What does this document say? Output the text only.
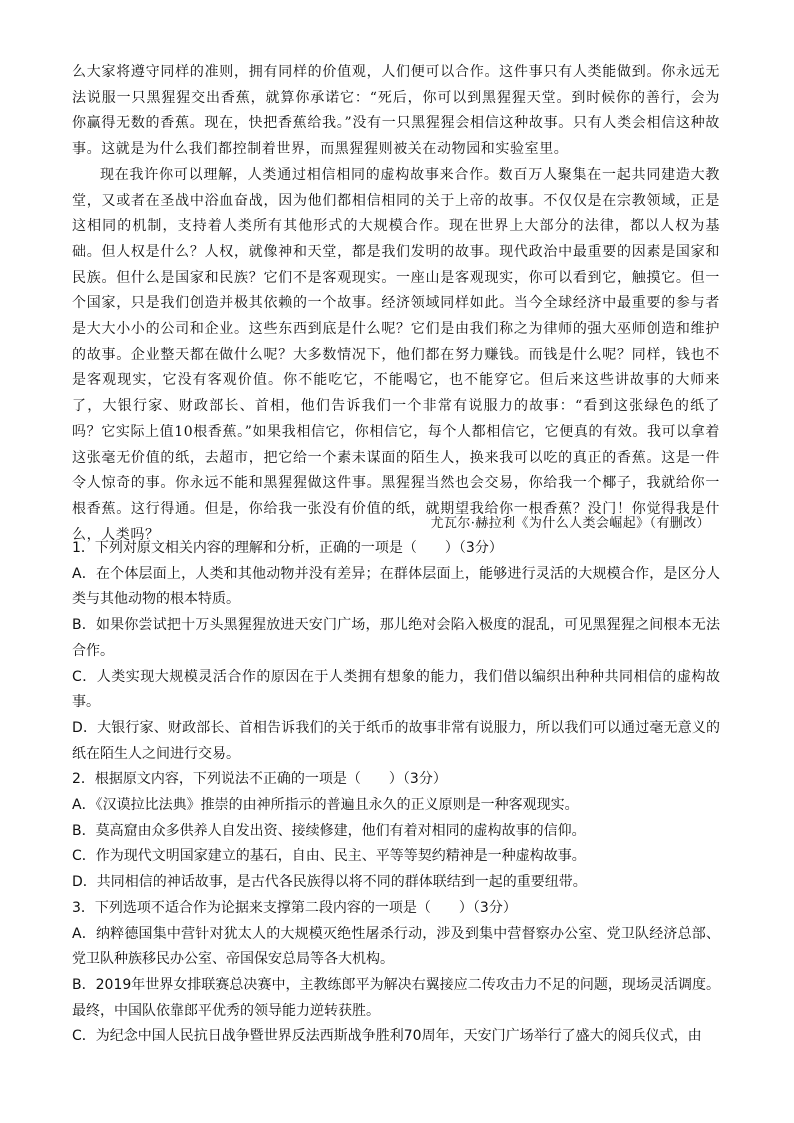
么大家将遵守同样的准则，拥有同样的价值观，人们便可以合作。这件事只有人类能做到。你永远无法说服一只黑猩猩交出香蕉，就算你承诺它：“死后，你可以到黑猩猩天堂。到时候你的善行，会为你赢得无数的香蕉。现在，快把香蕉给我。”没有一只黑猩猩会相信这种故事。只有人类会相信这种故事。这就是为什么我们都控制着世界，而黑猩猩则被关在动物园和实验室里。

现在我许你可以理解，人类通过相信相同的虚构故事来合作。数百万人聚集在一起共同建造大教堂，又或者在圣战中浴血奋战，因为他们都相信相同的关于上帝的故事。不仅仅是在宗教领域，正是这相同的机制，支持着人类所有其他形式的大规模合作。现在世界上大部分的法律，都以人权为基础。但人权是什么？人权，就像神和天堂，都是我们发明的故事。现代政治中最重要的因素是国家和民族。但什么是国家和民族？它们不是客观现实。一座山是客观现实，你可以看到它，触摸它。但一个国家，只是我们创造并极其依赖的一个故事。经济领域同样如此。当今全球经济中最重要的参与者是大大小小的公司和企业。这些东西到底是什么呢？它们是由我们称之为律师的强大巫师创造和维护的故事。企业整天都在做什么呢？大多数情况下，他们都在努力赚钱。而钱是什么呢？同样，钱也不是客观现实，它没有客观价值。你不能吃它，不能喝它，也不能穿它。但后来这些讲故事的大师来了，大银行家、财政部长、首相，他们告诉我们一个非常有说服力的故事：“看到这张绿色的纸了吗？它实际上值10根香蕉。”如果我相信它，你相信它，每个人都相信它，它便真的有效。我可以拿着这张毫无价值的纸，去超市，把它给一个素未谋面的陌生人，换来我可以吃的真正的香蕉。这是一件令人惊奇的事。你永远不能和黑猩猩做这件事。黑猩猩当然也会交易，你给我一个椰子，我就给你一根香蕉。这行得通。但是，你给我一张没有价值的纸，就期望我给你一根香蕉？没门！你觉得我是什么，人类吗？

尤瓦尔·赫拉利《为什么人类会崛起》（有删改）

1．下列对原文相关内容的理解和分析，正确的一项是（　　）（3分）

A．在个体层面上，人类和其他动物并没有差异；在群体层面上，能够进行灵活的大规模合作，是区分人类与其他动物的根本特质。

B．如果你尝试把十万头黑猩猩放进天安门广场，那儿绝对会陷入极度的混乱，可见黑猩猩之间根本无法合作。

C．人类实现大规模灵活合作的原因在于人类拥有想象的能力，我们借以编织出种种共同相信的虚构故事。

D．大银行家、财政部长、首相告诉我们的关于纸币的故事非常有说服力，所以我们可以通过毫无意义的纸在陌生人之间进行交易。

2．根据原文内容，下列说法不正确的一项是（　　）（3分）

A．《汉谟拉比法典》推崇的由神所指示的普遍且永久的正义原则是一种客观现实。

B．莫高窟由众多供养人自发出资、接续修建，他们有着对相同的虚构故事的信仰。

C．作为现代文明国家建立的基石，自由、民主、平等等契约精神是一种虚构故事。

D．共同相信的神话故事，是古代各民族得以将不同的群体联结到一起的重要纽带。

3．下列选项不适合作为论据来支撑第二段内容的一项是（　　）（3分）

A．纳粹德国集中营针对犹太人的大规模灭绝性屠杀行动，涉及到集中营督察办公室、党卫队经济总部、党卫队种族移民办公室、帝国保安总局等各大机构。

B．2019年世界女排联赛总决赛中，主教练郎平为解决右翼接应二传攻击力不足的问题，现场灵活调度。最终，中国队依靠郎平优秀的领导能力逆转获胜。

C．为纪念中国人民抗日战争暨世界反法西斯战争胜利70周年，天安门广场举行了盛大的阅兵仪式，由
